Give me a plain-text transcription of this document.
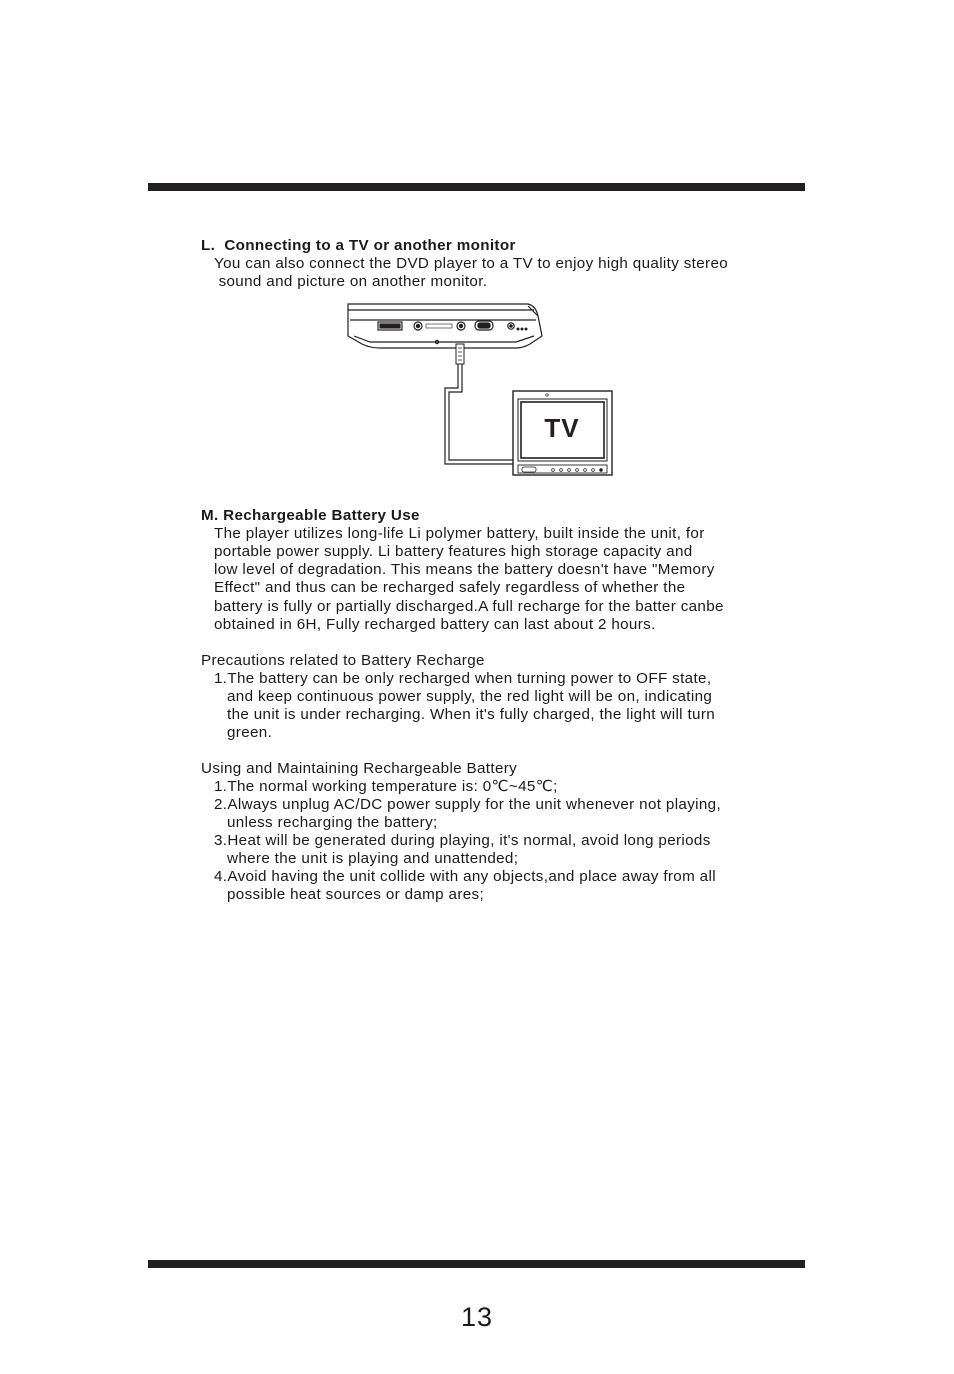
L.  Connecting to a TV or another monitor

You can also connect the DVD player to a TV to enjoy high quality stereo

sound and picture on another monitor.

M. Rechargeable Battery Use

The player utilizes long-life Li polymer battery, built inside the unit, for

portable power supply. Li battery features high storage capacity and

low level of degradation. This means the battery doesn't have "Memory

Effect" and thus can be recharged safely regardless of whether the

battery is fully or partially discharged.A full recharge for the batter canbe

obtained in 6H, Fully recharged battery can last about 2 hours.

Precautions related to Battery Recharge

1.The battery can be only recharged when turning power to OFF state,

and keep continuous power supply, the red light will be on, indicating

the unit is under recharging. When it's fully charged, the light will turn

green.

Using and Maintaining Rechargeable Battery

1.The normal working temperature is: 0℃~45℃;

2.Always unplug AC/DC power supply for the unit whenever not playing,

unless recharging the battery;

3.Heat will be generated during playing, it's normal, avoid long periods

where the unit is playing and unattended;

4.Avoid having the unit collide with any objects,and place away from all

possible heat sources or damp ares;

TV
13
